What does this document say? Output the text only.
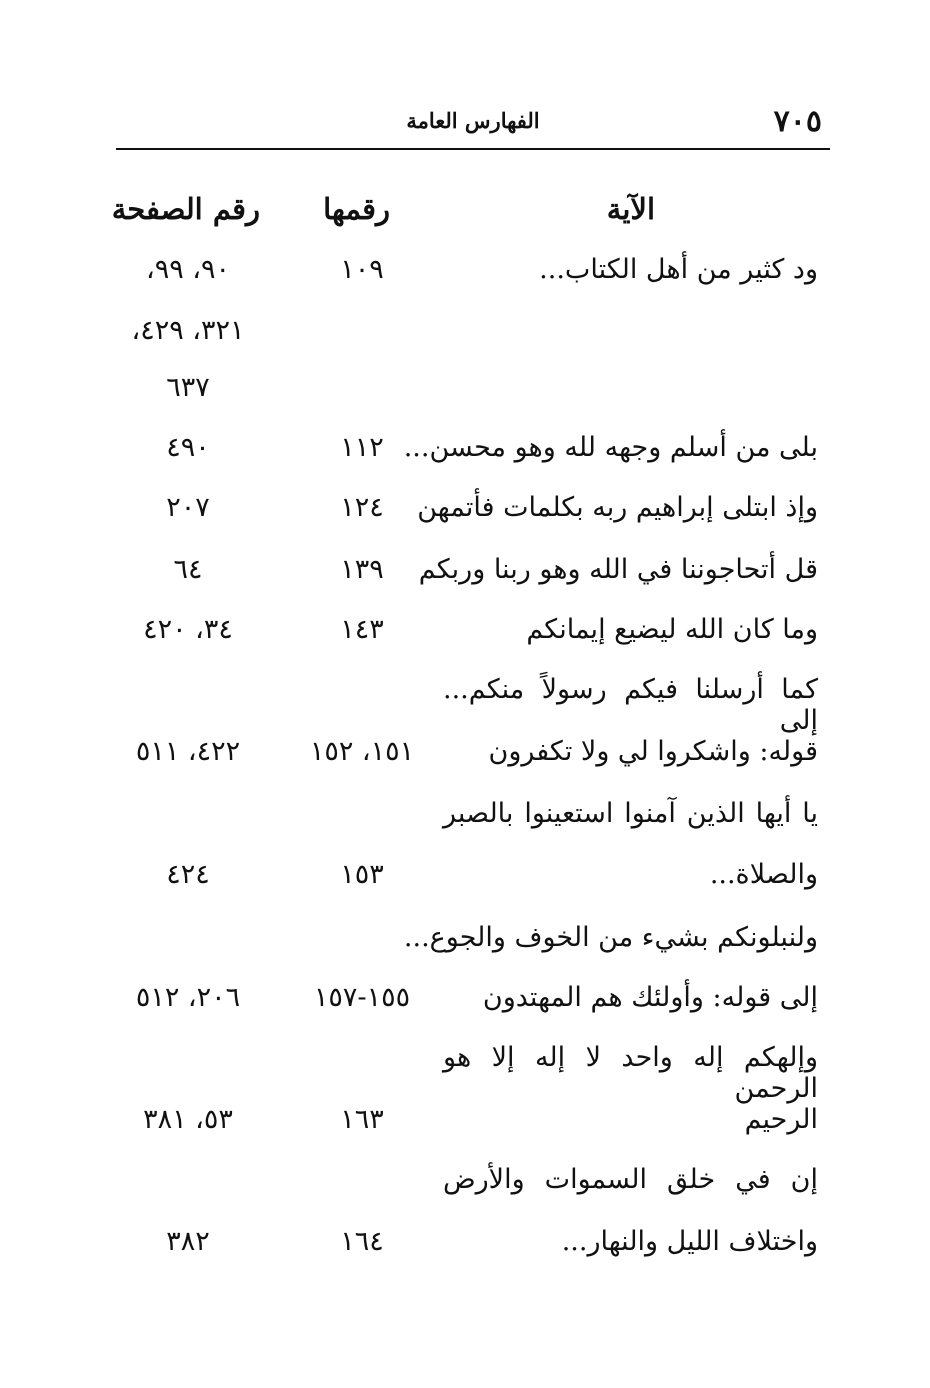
٧٠٥
الفهارس العامة
الآية
رقمها
رقم الصفحة
ود كثير من أهل الكتاب...
١٠٩
٩٠، ٩٩،
٣٢١، ٤٢٩،
٦٣٧
بلى من أسلم وجهه لله وهو محسن...
١١٢
٤٩٠
وإذ ابتلى إبراهيم ربه بكلمات فأتمهن
١٢٤
٢٠٧
قل أتحاجوننا في الله وهو ربنا وربكم
١٣٩
٦٤
وما كان الله ليضيع إيمانكم
١٤٣
٣٤، ٤٢٠
كما أرسلنا فيكم رسولاً منكم... إلى
قوله: واشكروا لي ولا تكفرون
١٥١، ١٥٢
٤٢٢، ٥١١
يا أيها الذين آمنوا استعينوا بالصبر
والصلاة...
١٥٣
٤٢٤
ولنبلونكم بشيء من الخوف والجوع...
إلى قوله: وأولئك هم المهتدون
١٥٥-١٥٧
٢٠٦، ٥١٢
وإلهكم إله واحد لا إله إلا هو الرحمن
الرحيم
١٦٣
٥٣، ٣٨١
إن في خلق السموات والأرض
واختلاف الليل والنهار...
١٦٤
٣٨٢
